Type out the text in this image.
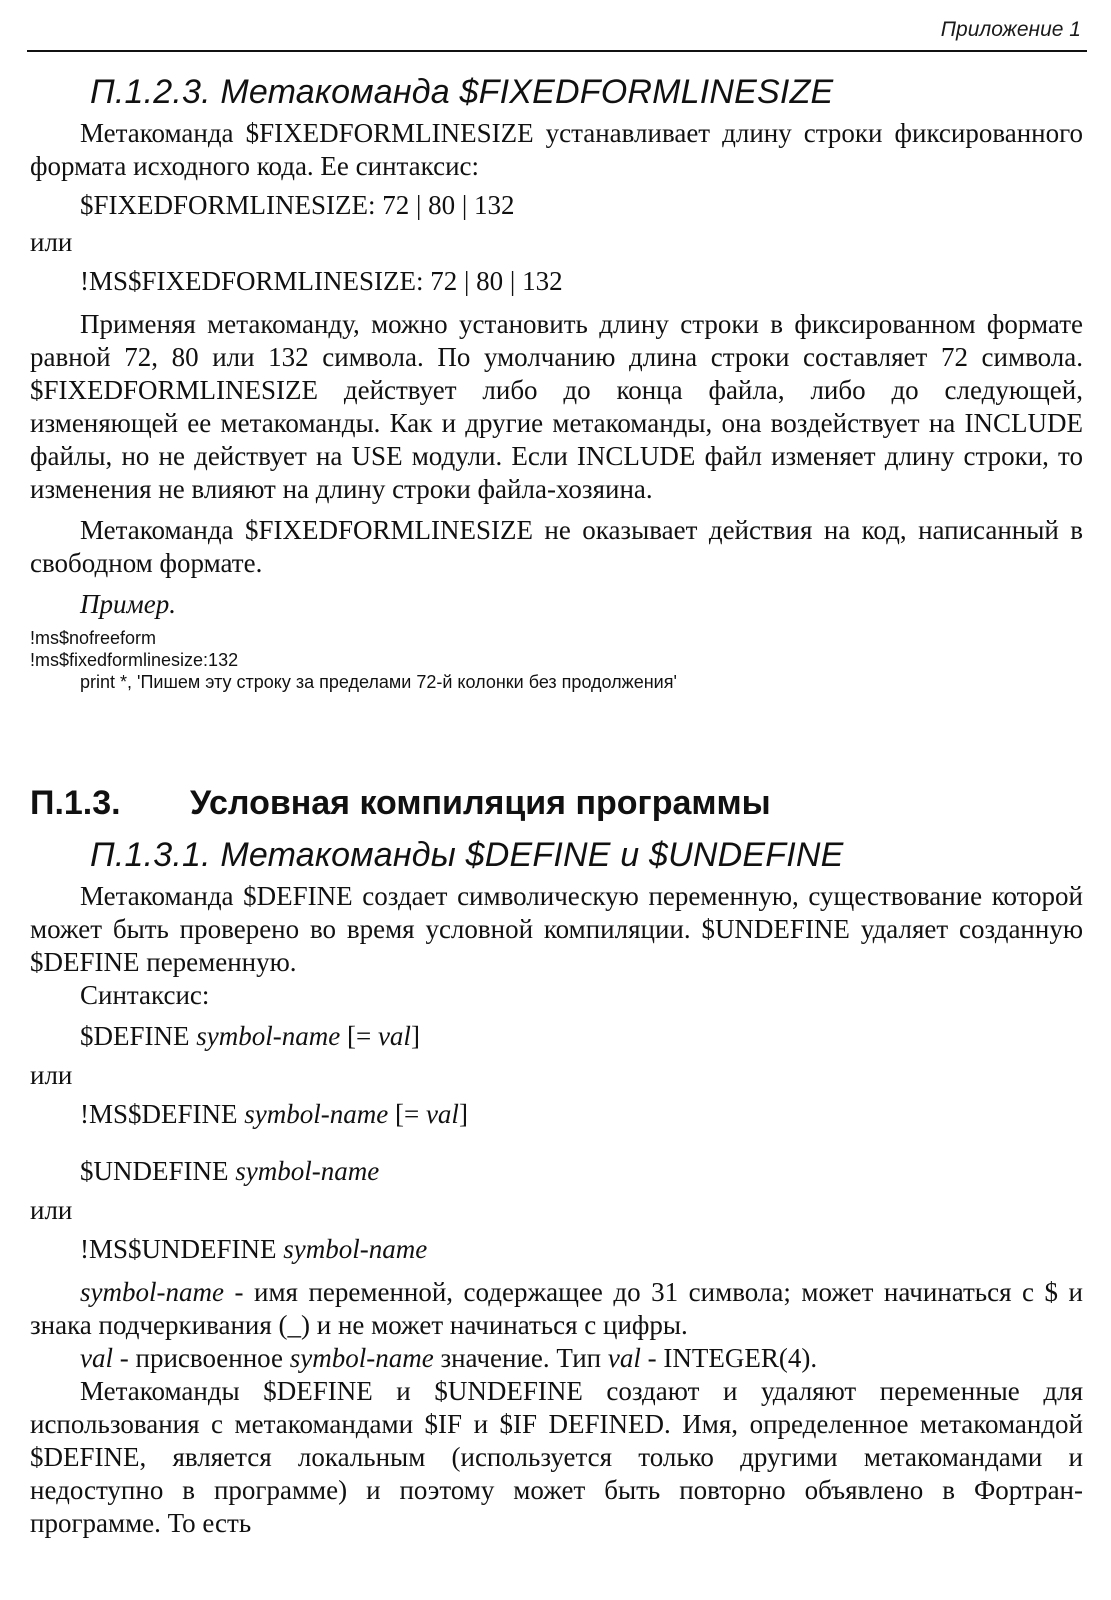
Приложение 1
П.1.2.3. Метакоманда $FIXEDFORMLINESIZE

Метакоманда $FIXEDFORMLINESIZE устанавливает длину строки фиксированного формата исходного кода. Ее синтаксис:

$FIXEDFORMLINESIZE: 72 | 80 | 132

или

!MS$FIXEDFORMLINESIZE: 72 | 80 | 132

Применяя метакоманду, можно установить длину строки в фиксированном формате равной 72, 80 или 132 символа. По умолчанию длина строки составляет 72 символа. $FIXEDFORMLINESIZE действует либо до конца файла, либо до следующей, изменяющей ее метакоманды. Как и другие метакоманды, она воздействует на INCLUDE файлы, но не действует на USE модули. Если INCLUDE файл изменяет длину строки, то изменения не влияют на длину строки файла-хозяина.

Метакоманда $FIXEDFORMLINESIZE не оказывает действия на код, написанный в свободном формате.

Пример.

!ms$nofreeform
!ms$fixedformlinesize:132
print *, 'Пишем эту строку за пределами 72-й колонки без продолжения'
П.1.3. Условная компиляция программы
П.1.3.1. Метакоманды $DEFINE и $UNDEFINE

Метакоманда $DEFINE создает символическую переменную, существование которой может быть проверено во время условной компиляции. $UNDEFINE удаляет созданную $DEFINE переменную.

Синтаксис:

$DEFINE symbol-name [= val]

или

!MS$DEFINE symbol-name [= val]

$UNDEFINE symbol-name

или

!MS$UNDEFINE symbol-name

symbol-name - имя переменной, содержащее до 31 символа; может начинаться с $ и знака подчеркивания (_) и не может начинаться с цифры.

val - присвоенное symbol-name значение. Тип val - INTEGER(4).

Метакоманды $DEFINE и $UNDEFINE создают и удаляют переменные для использования с метакомандами $IF и $IF DEFINED. Имя, определенное метакомандой $DEFINE, является локальным (используется только другими метакомандами и недоступно в программе) и поэтому может быть повторно объявлено в Фортран-программе. То есть
